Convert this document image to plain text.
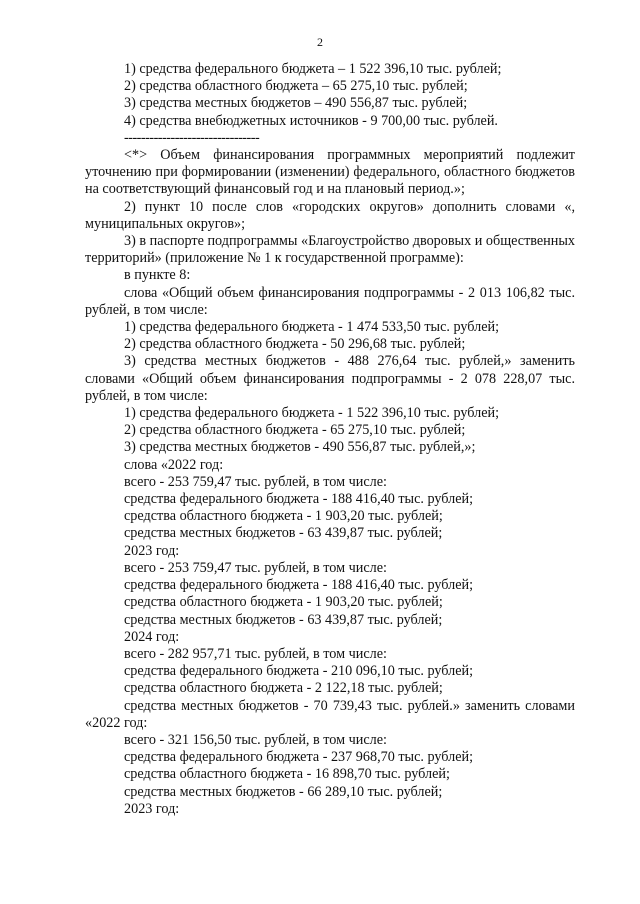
2

1) средства федерального бюджета – 1 522 396,10 тыс. рублей;

2) средства областного бюджета – 65 275,10 тыс. рублей;

3) средства местных бюджетов – 490 556,87 тыс. рублей;

4) средства внебюджетных источников - 9 700,00 тыс. рублей.

--------------------------------

<*> Объем финансирования программных мероприятий подлежит уточнению при формировании (изменении) федерального, областного бюджетов на соответствующий финансовый год и на плановый период.»;

2) пункт 10 после слов «городских округов» дополнить словами «, муниципальных округов»;

3) в паспорте подпрограммы «Благоустройство дворовых и общественных территорий» (приложение № 1 к государственной программе):

в пункте 8:

слова «Общий объем финансирования подпрограммы - 2 013 106,82 тыс. рублей, в том числе:

1) средства федерального бюджета - 1 474 533,50 тыс. рублей;

2) средства областного бюджета - 50 296,68 тыс. рублей;

3) средства местных бюджетов - 488 276,64 тыс. рублей,» заменить словами «Общий объем финансирования подпрограммы - 2 078 228,07 тыс. рублей, в том числе:

1) средства федерального бюджета - 1 522 396,10 тыс. рублей;

2) средства областного бюджета - 65 275,10 тыс. рублей;

3) средства местных бюджетов - 490 556,87 тыс. рублей,»;

слова «2022 год:

всего - 253 759,47 тыс. рублей, в том числе:

средства федерального бюджета - 188 416,40 тыс. рублей;

средства областного бюджета - 1 903,20 тыс. рублей;

средства местных бюджетов - 63 439,87 тыс. рублей;

2023 год:

всего - 253 759,47 тыс. рублей, в том числе:

средства федерального бюджета - 188 416,40 тыс. рублей;

средства областного бюджета - 1 903,20 тыс. рублей;

средства местных бюджетов - 63 439,87 тыс. рублей;

2024 год:

всего - 282 957,71 тыс. рублей, в том числе:

средства федерального бюджета - 210 096,10 тыс. рублей;

средства областного бюджета - 2 122,18 тыс. рублей;

средства местных бюджетов - 70 739,43 тыс. рублей.» заменить словами «2022 год:

всего - 321 156,50 тыс. рублей, в том числе:

средства федерального бюджета - 237 968,70 тыс. рублей;

средства областного бюджета - 16 898,70 тыс. рублей;

средства местных бюджетов - 66 289,10 тыс. рублей;

2023 год:
